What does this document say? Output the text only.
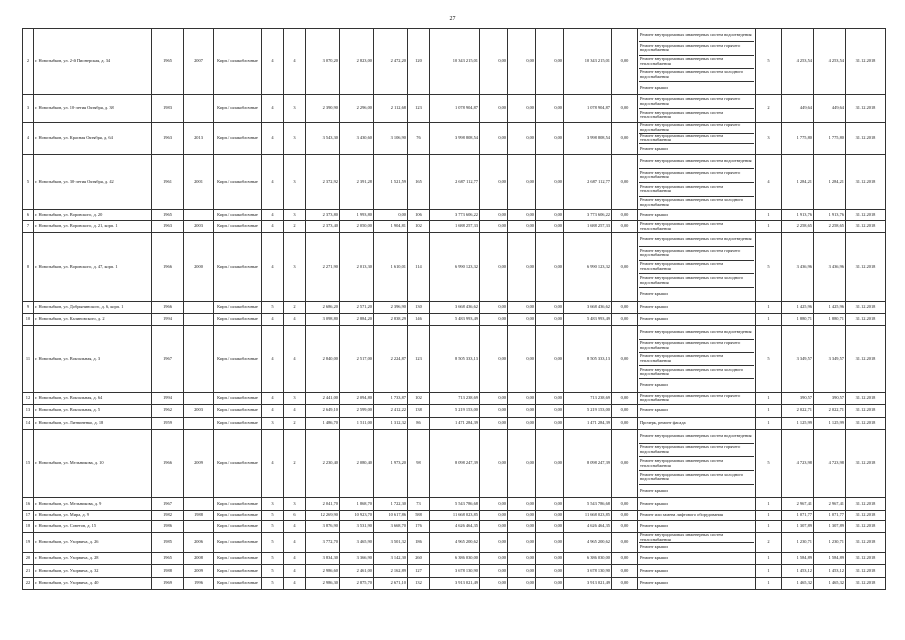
27
2	г. Новозыбков, ул. 2-й Пионерская, д. 34	1965	2007	Кирп./ шлакоблочные	4	4	3 070,20	2 823,00	2 472,20	120	10 343 215,01	0,00	0,00	0,00	10 343 215,01	0,00	Ремонт внутридомовых инженерных систем водоотведения
Ремонт внутридомовых инженерных систем горячего водоснабжения
Ремонт внутридомовых инженерных систем теплоснабжения
Ремонт внутридомовых инженерных систем холодного водоснабжения
Ремонт крыши	5	4 253,54	4 253,54	31.12.2018
3	г. Новозыбков, ул. 10-летия Октября, д. 38	1983		Кирп./ шлакоблочные	4	3	2 390,90	2 296,00	2 112,68	123	1 078 904,87	0,00	0,00	0,00	1 078 904,87	0,00	Ремонт внутридомовых инженерных систем горячего водоснабжения
Ремонт внутридомовых инженерных систем теплоснабжения	2	449,64	449,64	31.12.2018
4	г. Новозыбков, ул. Красная Октября, д. 64	1963	2013	Кирп./ шлакоблочные	4	3	3 543,30	3 430,60	3 106,90	76	3 998 808,54	0,00	0,00	0,00	3 998 808,54	0,00	Ремонт внутридомовых инженерных систем горячего водоснабжения
Ремонт внутридомовых инженерных систем теплоснабжения
Ремонт крыши	3	1 775,80	1 775,80	31.12.2018
5	г. Новозыбков, ул. 30-летия Октября, д. 42	1961	2001	Кирп./ шлакоблочные	4	3	2 372,92	2 391,28	1 521,59	165	2 687 112,77	0,00	0,00	0,00	2 687 112,77	0,00	Ремонт внутридомовых инженерных систем водоотведения
Ремонт внутридомовых инженерных систем горячего водоснабжения
Ремонт внутридомовых инженерных систем теплоснабжения
Ремонт внутридомовых инженерных систем холодного водоснабжения	4	1 284,21	1 284,21	31.12.2018
6	г. Новозыбков, ул. Воровского, д. 20	1965		Кирп./ шлакоблочные	4	3	2 373,80	1 993,80	0,00	106	3 773 606,22	0,00	0,00	0,00	3 773 606,22	0,00	Ремонт крыши	1	1 913,76	1 913,76	31.12.2018
7	г. Новозыбков, ул. Воровского, д. 21, корп. 1	1963	2003	Кирп./ шлакоблочные	4	2	2 373,40	2 050,00	1 904,81	102	1 688 257,33	0,00	0,00	0,00	1 688 257,33	0,00	Ремонт внутридомовых инженерных систем теплоснабжения	1	2 258,65	2 258,65	31.12.2018
8	г. Новозыбков, ул. Воровского, д. 47, корп. 1	1966	2000	Кирп./ шлакоблочные	4	3	2 271,90	2 013,30	1 610,01	114	6 990 123,32	0,00	0,00	0,00	6 990 123,32	0,00	Ремонт внутридомовых инженерных систем водоотведения
Ремонт внутридомовых инженерных систем горячего водоснабжения
Ремонт внутридомовых инженерных систем теплоснабжения
Ремонт внутридомовых инженерных систем холодного водоснабжения
Ремонт крыши	5	3 436,96	3 436,96	31.12.2018
9	г. Новозыбков, ул. Добрынинского, д. 6, корп. 1	1966		Кирп./ шлакоблочные	5	2	2 686,20	2 571,20	2 396,90	130	3 668 436,62	0,00	0,00	0,00	3 668 436,62	0,00	Ремонт крыши	1	1 425,96	1 425,96	31.12.2018
10	г. Новозыбков, ул. Калиновского, д. 2	1994		Кирп./ шлакоблочные	4	4	3 098,80	2 884,20	2 838,29	146	5 483 993,49	0,00	0,00	0,00	5 483 993,49	0,00	Ремонт крыши	1	1 880,71	1 880,71	31.12.2018
11	г. Новозыбков, ул. Вокзальная, д. 3	1967		Кирп./ шлакоблочные	4	4	2 840,00	2 517,00	2 224,87	123	8 505 333,13	0,00	0,00	0,00	8 505 333,13	0,00	Ремонт внутридомовых инженерных систем водоотведения
Ремонт внутридомовых инженерных систем горячего водоснабжения
Ремонт внутридомовых инженерных систем теплоснабжения
Ремонт внутридомовых инженерных систем холодного водоснабжения
Ремонт крыши	5	3 349,57	3 349,57	31.12.2018
12	г. Новозыбков, ул. Вокзальная, д. 64	1994		Кирп./ шлакоблочные	4	3	2 441,00	2 094,80	1 733,87	102	713 238,69	0,00	0,00	0,00	713 238,69	0,00	Ремонт внутридомовых инженерных систем горячего водоснабжения	1	390,57	390,57	31.12.2018
13	г. Новозыбков, ул. Вокзальная, д. 5	1962	2003	Кирп./ шлакоблочные	4	4	2 649,10	2 599,00	2 412,22	138	5 219 153,00	0,00	0,00	0,00	5 219 153,00	0,00	Ремонт крыши	1	2 022,71	2 022,71	31.12.2018
14	г. Новозыбков, ул. Литвиненко, д. 18	1959		Кирп./ шлакоблочные	3	2	1 486,70	1 511,00	1 312,32	86	1 471 284,39	0,00	0,00	0,00	1 471 284,39	0,00	Прочерк, ремонт фасада	1	1 125,99	1 125,99	31.12.2018
15	г. Новозыбков, ул. Мельникова, д. 10	1966	2009	Кирп./ шлакоблочные	4	2	2 230,40	2 080,40	1 973,20	98	8 098 247,39	0,00	0,00	0,00	8 098 247,39	0,00	Ремонт внутридомовых инженерных систем водоотведения
Ремонт внутридомовых инженерных систем горячего водоснабжения
Ремонт внутридомовых инженерных систем теплоснабжения
Ремонт внутридомовых инженерных систем холодного водоснабжения
Ремонт крыши	5	4 723,98	4 723,98	31.12.2018
16	г. Новозыбков, ул. Мельникова, д. 9	1967		Кирп./ шлакоблочные	3	3	2 041,70	1 868,70	1 722,30	73	5 543 786,68	0,00	0,00	0,00	5 543 786,68	0,00	Ремонт крыши	1	2 967,41	2 967,41	31.12.2018
17	г. Новозыбков, ул. Мира, д. 9	1982	1988	Кирп./ шлакоблочные	5	6	12 269,90	10 923,70	10 617,86	588	11 668 023,85	0,00	0,00	0,00	11 668 023,85	0,00	Ремонт или замена лифтового оборудования	1	1 071,77	1 071,77	31.12.2018
18	г. Новозыбков, ул. Советов, д. 15	1986		Кирп./ шлакоблочные	5	4	3 876,90	3 531,90	3 668,70	176	4 626 464,35	0,00	0,00	0,00	4 626 464,35	0,00	Ремонт крыши	1	1 307,89	1 307,89	31.12.2018
19	г. Новозыбков, ул. Ухорвича, д. 26	1985	2006	Кирп./ шлакоблочные	5	4	3 772,70	3 465,90	3 501,32	186	4 965 200,62	0,00	0,00	0,00	4 965 200,62	0,00	Ремонт внутридомовых инженерных систем теплоснабжения
Ремонт крыши	2	1 230,71	1 230,71	31.12.2018
20	г. Новозыбков, ул. Ухорвича, д. 28	1965	2008	Кирп./ шлакоблочные	5	4	3 834,30	3 366,90	3 142,30	260	6 386 030,00	0,00	0,00	0,00	6 386 030,00	0,00	Ремонт крыши	1	1 584,89	1 584,89	31.12.2018
21	г. Новозыбков, ул. Ухорвича, д. 32	1988	2009	Кирп./ шлакоблочные	5	4	2 986,60	2 461,00	2 162,89	127	3 678 130,90	0,00	0,00	0,00	3 678 130,90	0,00	Ремонт крыши	1	1 453,12	1 453,12	31.12.2018
22	г. Новозыбков, ул. Ухорвича, д. 40	1969	1996	Кирп./ шлакоблочные	5	4	2 986,30	2 875,70	2 671,10	132	3 913 021,49	0,00	0,00	0,00	3 913 021,49	0,00	Ремонт крыши	1	1 465,32	1 465,32	31.12.2018
